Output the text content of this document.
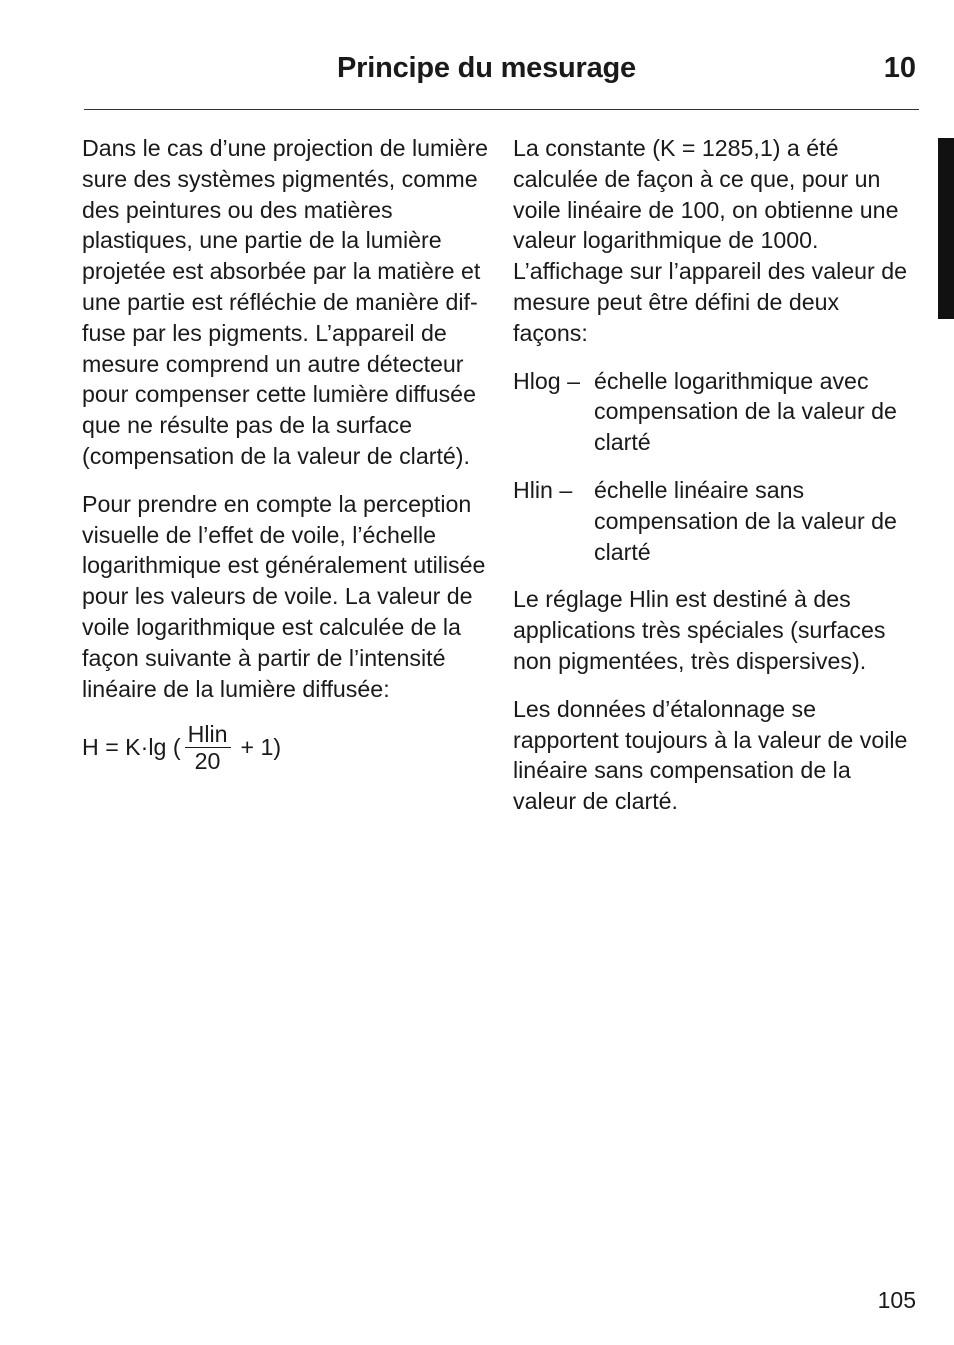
Principe du mesurage	10

Dans le cas d’une projection de lumière sure des systèmes pigmentés, comme des peintures ou des matières plastiques, une partie de la lumière projetée est absorbée par la matière et une partie est réfléchie de manière dif-fuse par les pigments. L’appareil de mesure comprend un autre détecteur pour compenser cette lumière diffusée que ne résulte pas de la surface (compensation de la valeur de clarté).

Pour prendre en compte la perception visuelle de l’effet de voile, l’échelle logarithmique est généralement utilisée pour les valeurs de voile. La valeur de voile logarithmique est calculée de la façon suivante à partir de l’intensité linéaire de la lumière diffusée:

H = K·lg ( $\frac{\text{Hlin}}{20} + 1$)

La constante (K = 1285,1) a été calculée de façon à ce que, pour un voile linéaire de 100, on obtienne une valeur logarithmique de 1000. L’affichage sur l’appareil des valeur de mesure peut être défini de deux façons:

Hlog – échelle logarithmique avec compensation de la valeur de clarté
Hlin – échelle linéaire sans compensation de la valeur de clarté

Le réglage Hlin est destiné à des applications très spéciales (surfaces non pigmentées, très dispersives).

Les données d’étalonnage se rapportent toujours à la valeur de voile linéaire sans compensation de la valeur de clarté.

105
